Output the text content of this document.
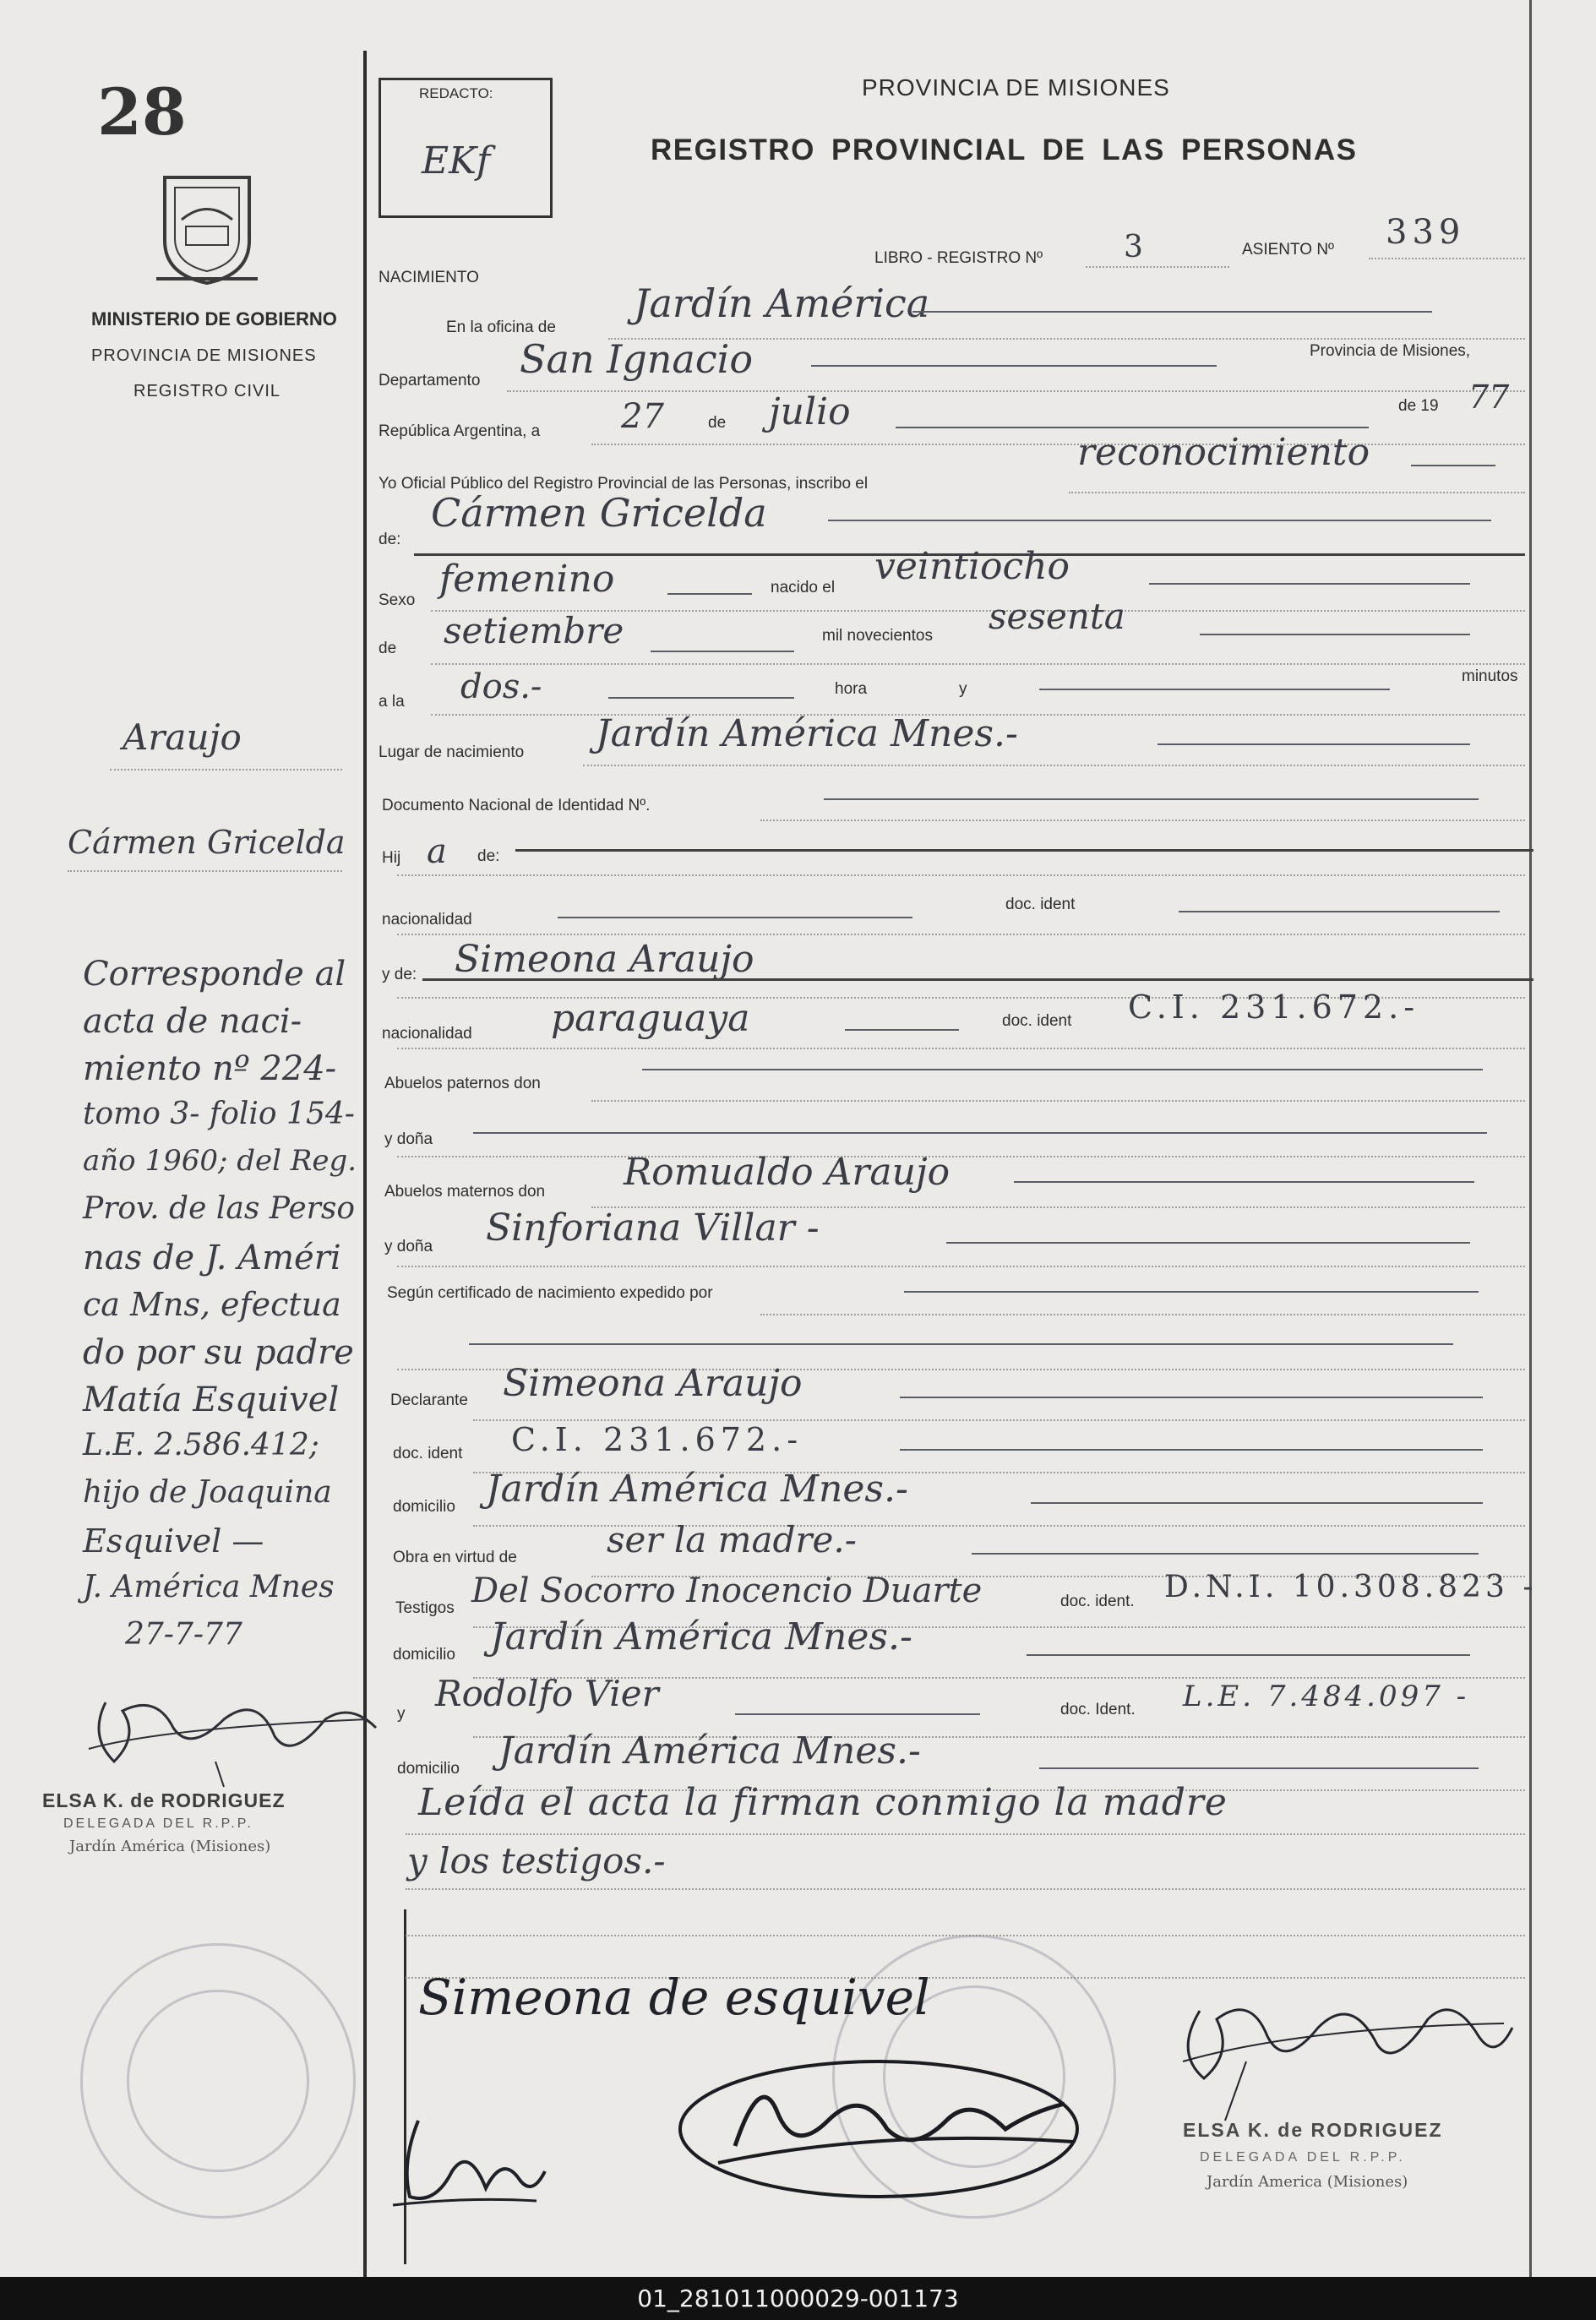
28
MINISTERIO DE GOBIERNO
PROVINCIA DE MISIONES
REGISTRO CIVIL
Araujo
Cármen Gricelda
Corresponde al
acta de naci-
miento nº 224-
tomo 3- folio 154-
año 1960; del Reg.
Prov. de las Perso
nas de J. Améri
ca Mns, efectua
do por su padre
Matía Esquivel
L.E. 2.586.412;
hijo de Joaquina
Esquivel —
J. América Mnes
27-7-77
ELSA K. de RODRIGUEZ
DELEGADA DEL R.P.P.
Jardín América (Misiones)
REDACTO:
EKf
PROVINCIA DE MISIONES
REGISTRO PROVINCIAL DE LAS PERSONAS
LIBRO - REGISTRO Nº	3	ASIENTO Nº 339
NACIMIENTO
En la oficina de
Jardín América
Departamento San Ignacio	Provincia de Misiones,
República Argentina, a 27	de julio	de 19 77
Yo Oficial Público del Registro Provincial de las Personas, inscribo el
reconocimiento
de:
Cármen Gricelda
Sexo femenino	nacido el veintiocho
de setiembre	mil novecientos sesenta
a la dos.-	hora	y
minutos
Lugar de nacimiento Jardín América Mnes.-
Documento Nacional de Identidad Nº.
Hij a de:
nacionalidad
doc. ident
y de: Simeona Araujo
nacionalidad paraguaya	doc. ident C.I. 231.672.-
Abuelos paternos don
y doña
Abuelos maternos don Romualdo Araujo
y doña Sinforiana Villar -
Según certificado de nacimiento expedido por
Declarante Simeona Araujo
doc. ident C.I. 231.672.-
domicilio Jardín América Mnes.-
Obra en virtud de	ser la madre.-
Testigos Del Socorro Inocencio Duarte	doc. ident. D.N.I. 10.308.823 -
domicilio Jardín América Mnes.-
y Rodolfo Vier	doc. Ident. L.E. 7.484.097 -
domicilio Jardín América Mnes.-
Leída el acta la firman conmigo la madre
y los testigos.-
Simeona de esquivel
ELSA K. de RODRIGUEZ
DELEGADA DEL R.P.P.
Jardín America (Misiones)
01_281011000029-001173
